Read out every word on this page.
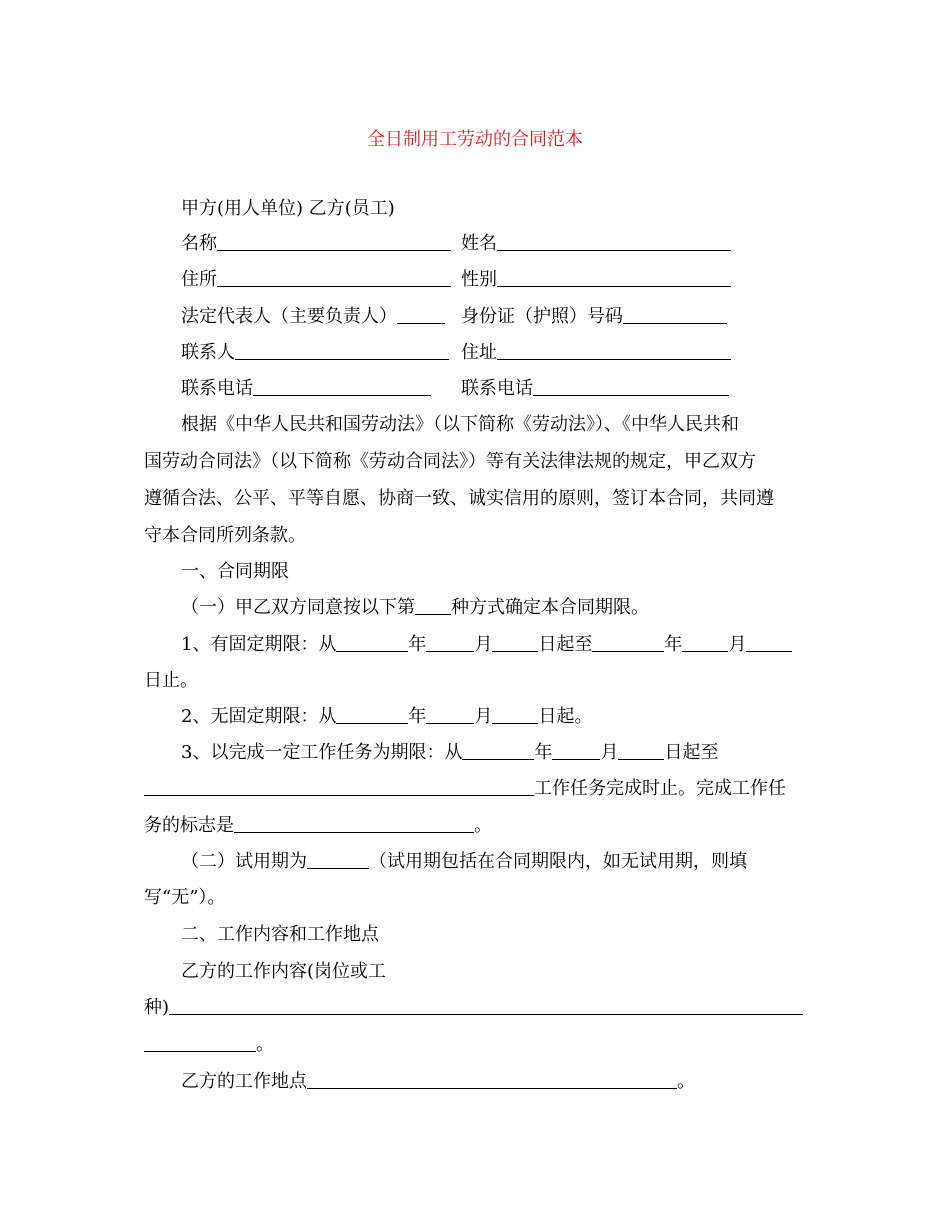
全日制用工劳动的合同范本
甲方(用人单位) 乙方(员工)
名称	姓名
住所	性别
法定代表人（主要负责人）	身份证（护照）号码
联系人	住址
联系电话	联系电话
根据《中华人民共和国劳动法》（以下简称《劳动法》）、《中华人民共和
国劳动合同法》（以下简称《劳动合同法》）等有关法律法规的规定，甲乙双方
遵循合法、公平、平等自愿、协商一致、诚实信用的原则，签订本合同，共同遵
守本合同所列条款。
一、合同期限
（一）甲乙双方同意按以下第 种方式确定本合同期限。
1、有固定期限：从	年	月	日起至	年	月
日止。
2、无固定期限：从	年	月	日起。
3、以完成一定工作任务为期限：从	年	月	日起至
工作任务完成时止。完成工作任
务的标志是	。
（二）试用期为	（试用期包括在合同期限内，如无试用期，则填
写“无”）。
二、工作内容和工作地点
乙方的工作内容(岗位或工
种)
。
乙方的工作地点	。
